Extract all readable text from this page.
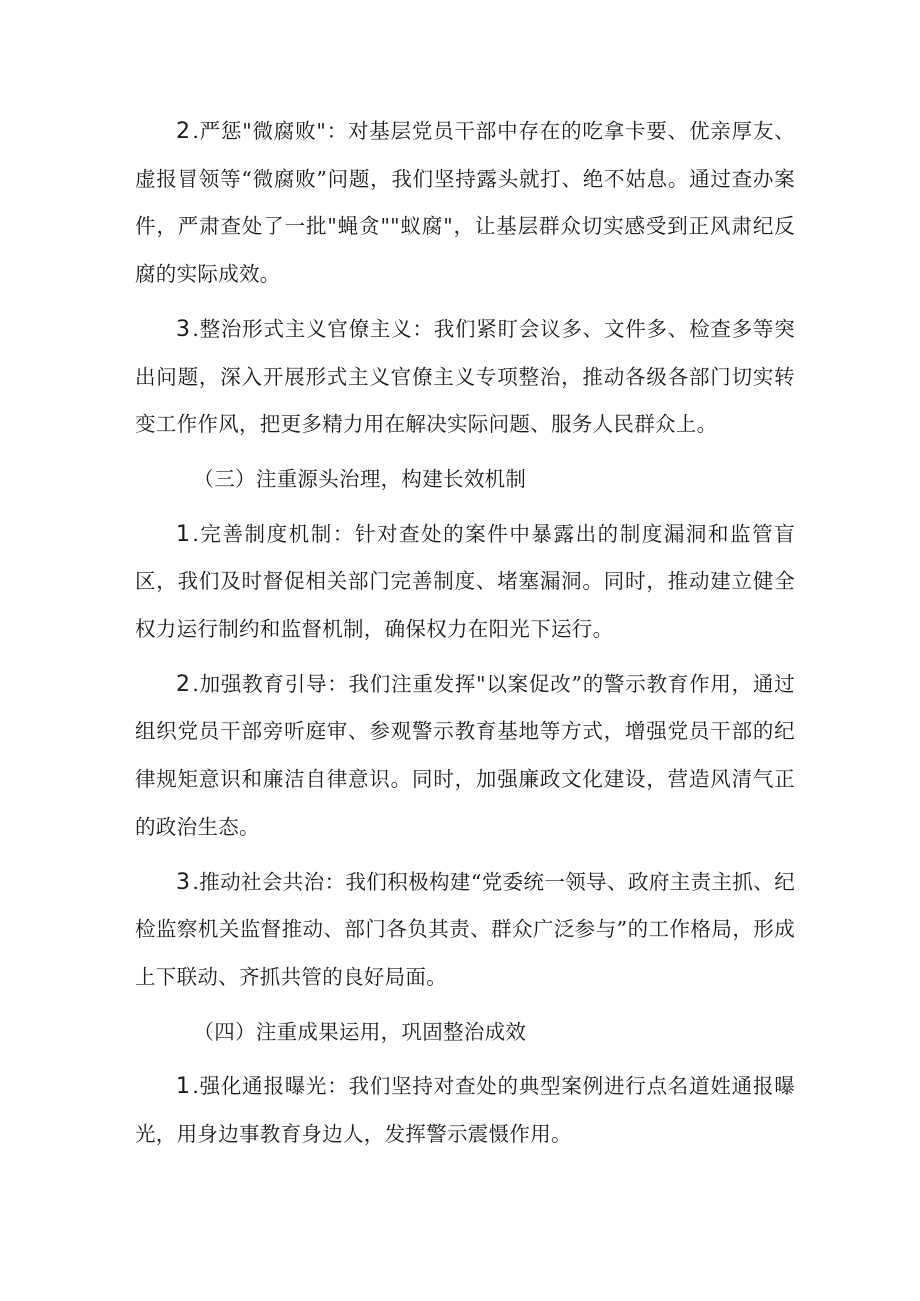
2.严惩"微腐败"：对基层党员干部中存在的吃拿卡要、优亲厚友、虚报冒领等“微腐败”问题，我们坚持露头就打、绝不姑息。通过查办案件，严肃查处了一批"蝇贪""蚁腐"，让基层群众切实感受到正风肃纪反腐的实际成效。

3.整治形式主义官僚主义：我们紧盯会议多、文件多、检查多等突出问题，深入开展形式主义官僚主义专项整治，推动各级各部门切实转变工作作风，把更多精力用在解决实际问题、服务人民群众上。

（三）注重源头治理，构建长效机制

1.完善制度机制：针对查处的案件中暴露出的制度漏洞和监管盲区，我们及时督促相关部门完善制度、堵塞漏洞。同时，推动建立健全权力运行制约和监督机制，确保权力在阳光下运行。

2.加强教育引导：我们注重发挥"以案促改”的警示教育作用，通过组织党员干部旁听庭审、参观警示教育基地等方式，增强党员干部的纪律规矩意识和廉洁自律意识。同时，加强廉政文化建设，营造风清气正的政治生态。

3.推动社会共治：我们积极构建“党委统一领导、政府主责主抓、纪检监察机关监督推动、部门各负其责、群众广泛参与”的工作格局，形成上下联动、齐抓共管的良好局面。

（四）注重成果运用，巩固整治成效

1.强化通报曝光：我们坚持对查处的典型案例进行点名道姓通报曝光，用身边事教育身边人，发挥警示震慑作用。
